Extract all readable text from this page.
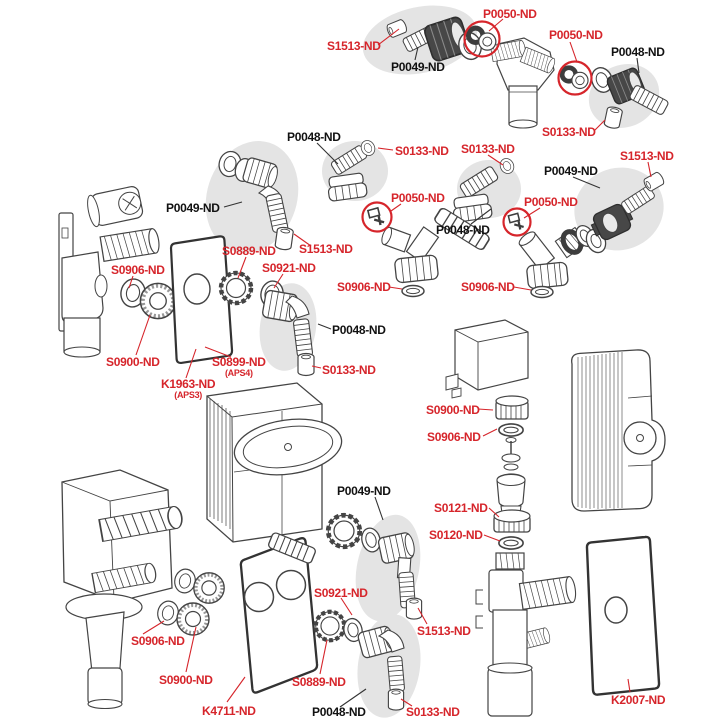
S1513-ND
P0049-ND
P0050-ND
P0050-ND
P0048-ND
S0133-ND
P0048-ND
S0133-ND S0133-ND
P0049-ND
S1513-ND
P0050-ND	P0050-ND
P0048-ND
S0906-ND	S0906-ND
P0049-ND
S1513-ND
S0906-ND
S0889-ND
S0921-ND
S0900-ND	S0899-ND
(APS4)
K1963-ND
(APS3)
P0048-ND
S0133-ND
S0900-ND
S0906-ND
S0121-ND
S0120-ND
P0049-ND
S0921-ND
S1513-ND
S0889-ND
P0048-ND	S0133-ND
S0906-ND
S0900-ND
K4711-ND
K2007-ND
